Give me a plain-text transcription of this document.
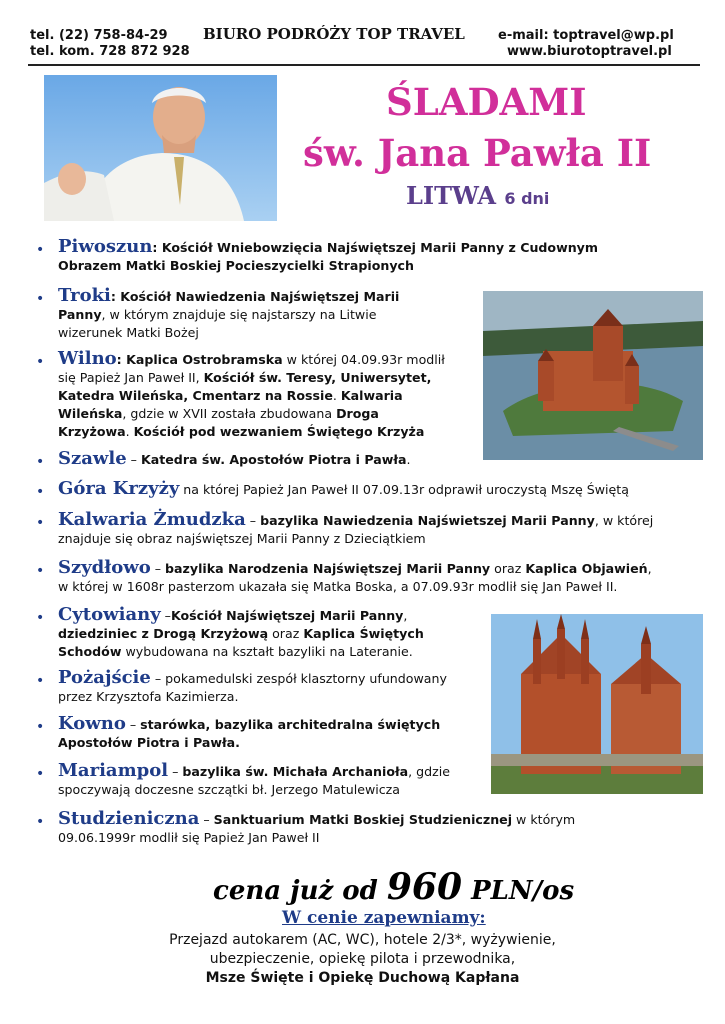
tel. (22) 758-84-29
tel. kom. 728 872 928
BIURO PODRÓŻY TOP TRAVEL	e-mail: toptravel@wp.pl
www.biurotoptravel.pl
ŚLADAMI
św. Jana Pawła II
LITWA 6 dni
• Piwoszun: Kościół Wniebowzięcia Najświętszej Marii Panny z Cudownym
Obrazem Matki Boskiej Pocieszycielki Strapionych
• Troki: Kościół Nawiedzenia Najświętszej Marii
Panny, w którym znajduje się najstarszy na Litwie
wizerunek Matki Bożej
• Wilno: Kaplica Ostrobramska w której 04.09.93r modlił
się Papież Jan Paweł II, Kościół św. Teresy, Uniwersytet,
Katedra Wileńska, Cmentarz na Rossie. Kalwaria
Wileńska, gdzie w XVII została zbudowana Droga
Krzyżowa. Kościół pod wezwaniem Świętego Krzyża
• Szawle – Katedra św. Apostołów Piotra i Pawła.
• Góra Krzyży na której Papież Jan Paweł II 07.09.13r odprawił uroczystą Mszę Świętą
• Kalwaria Żmudzka – bazylika Nawiedzenia Najświetszej Marii Panny, w której
znajduje się obraz najświętszej Marii Panny z Dzieciątkiem
• Szydłowo – bazylika Narodzenia Najświętszej Marii Panny oraz Kaplica Objawień,
w której w 1608r pasterzom ukazała się Matka Boska, a 07.09.93r modlił się Jan Paweł II.
• Cytowiany –Kościół Najświętszej Marii Panny,
dziedziniec z Drogą Krzyżową oraz Kaplica Świętych
Schodów wybudowana na kształt bazyliki na Lateranie.
• Pożajście – pokamedulski zespół klasztorny ufundowany
przez Krzysztofa Kazimierza.
• Kowno – starówka, bazylika architedralna świętych
Apostołów Piotra i Pawła.
• Mariampol – bazylika św. Michała Archanioła, gdzie
spoczywają doczesne szczątki bł. Jerzego Matulewicza
• Studzieniczna – Sanktuarium Matki Boskiej Studzienicznej w którym
09.06.1999r modlił się Papież Jan Paweł II
cena już od 960 PLN/os
W cenie zapewniamy:
Przejazd autokarem (AC, WC), hotele 2/3*, wyżywienie,
ubezpieczenie, opiekę pilota i przewodnika,
Msze Święte i Opiekę Duchową Kapłana
